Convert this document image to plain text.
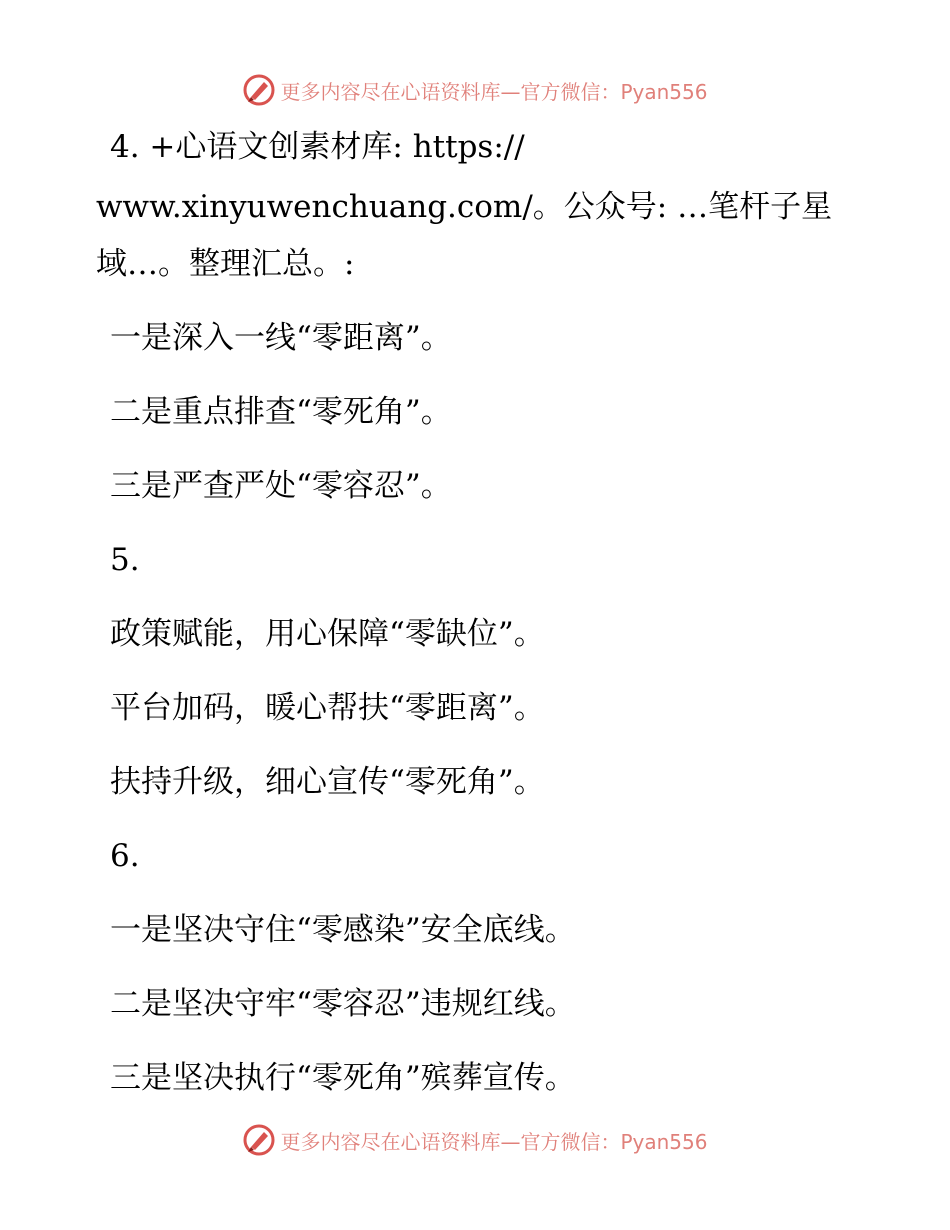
更多内容尽在心语资料库—官方微信：Pyan556
4. +心语文创素材库: https://
www.xinyuwenchuang.com/。公众号: …笔杆子星
域…。整理汇总。:
一是深入一线“零距离”。
二是重点排查“零死角”。
三是严查严处“零容忍”。
5.
政策赋能，用心保障“零缺位”。
平台加码，暖心帮扶“零距离”。
扶持升级，细心宣传“零死角”。
6.
一是坚决守住“零感染”安全底线。
二是坚决守牢“零容忍”违规红线。
三是坚决执行“零死角”殡葬宣传。
更多内容尽在心语资料库—官方微信：Pyan556
